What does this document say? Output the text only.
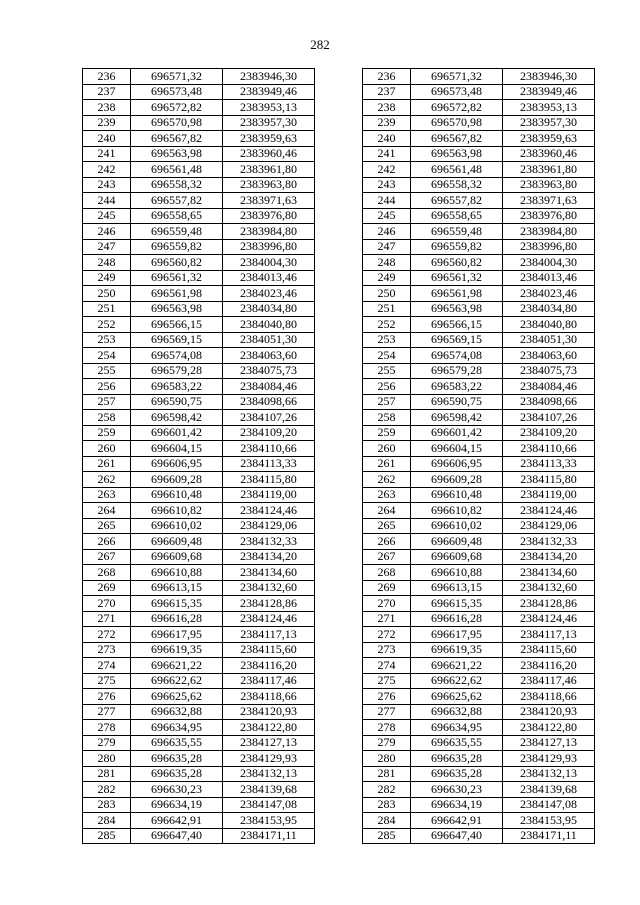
282
236	696571,32	2383946,30		236	696571,32	2383946,30
237	696573,48	2383949,46		237	696573,48	2383949,46
238	696572,82	2383953,13		238	696572,82	2383953,13
239	696570,98	2383957,30		239	696570,98	2383957,30
240	696567,82	2383959,63		240	696567,82	2383959,63
241	696563,98	2383960,46		241	696563,98	2383960,46
242	696561,48	2383961,80		242	696561,48	2383961,80
243	696558,32	2383963,80		243	696558,32	2383963,80
244	696557,82	2383971,63		244	696557,82	2383971,63
245	696558,65	2383976,80		245	696558,65	2383976,80
246	696559,48	2383984,80		246	696559,48	2383984,80
247	696559,82	2383996,80		247	696559,82	2383996,80
248	696560,82	2384004,30		248	696560,82	2384004,30
249	696561,32	2384013,46		249	696561,32	2384013,46
250	696561,98	2384023,46		250	696561,98	2384023,46
251	696563,98	2384034,80		251	696563,98	2384034,80
252	696566,15	2384040,80		252	696566,15	2384040,80
253	696569,15	2384051,30		253	696569,15	2384051,30
254	696574,08	2384063,60		254	696574,08	2384063,60
255	696579,28	2384075,73		255	696579,28	2384075,73
256	696583,22	2384084,46		256	696583,22	2384084,46
257	696590,75	2384098,66		257	696590,75	2384098,66
258	696598,42	2384107,26		258	696598,42	2384107,26
259	696601,42	2384109,20		259	696601,42	2384109,20
260	696604,15	2384110,66		260	696604,15	2384110,66
261	696606,95	2384113,33		261	696606,95	2384113,33
262	696609,28	2384115,80		262	696609,28	2384115,80
263	696610,48	2384119,00		263	696610,48	2384119,00
264	696610,82	2384124,46		264	696610,82	2384124,46
265	696610,02	2384129,06		265	696610,02	2384129,06
266	696609,48	2384132,33		266	696609,48	2384132,33
267	696609,68	2384134,20		267	696609,68	2384134,20
268	696610,88	2384134,60		268	696610,88	2384134,60
269	696613,15	2384132,60		269	696613,15	2384132,60
270	696615,35	2384128,86		270	696615,35	2384128,86
271	696616,28	2384124,46		271	696616,28	2384124,46
272	696617,95	2384117,13		272	696617,95	2384117,13
273	696619,35	2384115,60		273	696619,35	2384115,60
274	696621,22	2384116,20		274	696621,22	2384116,20
275	696622,62	2384117,46		275	696622,62	2384117,46
276	696625,62	2384118,66		276	696625,62	2384118,66
277	696632,88	2384120,93		277	696632,88	2384120,93
278	696634,95	2384122,80		278	696634,95	2384122,80
279	696635,55	2384127,13		279	696635,55	2384127,13
280	696635,28	2384129,93		280	696635,28	2384129,93
281	696635,28	2384132,13		281	696635,28	2384132,13
282	696630,23	2384139,68		282	696630,23	2384139,68
283	696634,19	2384147,08		283	696634,19	2384147,08
284	696642,91	2384153,95		284	696642,91	2384153,95
285	696647,40	2384171,11		285	696647,40	2384171,11
